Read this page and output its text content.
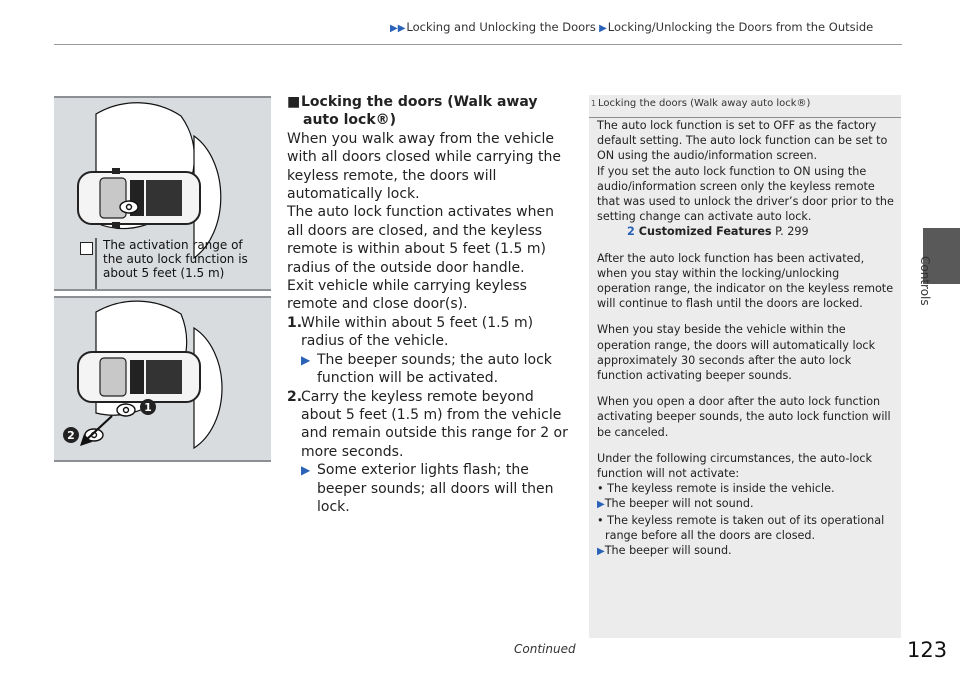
▶▶Locking and Unlocking the Doors ▶Locking/Unlocking the Doors from the Outside
Controls
The activation range of
the auto lock function is
about 5 feet (1.5 m)
1
2

■Locking the doors (Walk away auto lock®)

When you walk away from the vehicle with all doors closed while carrying the keyless remote, the doors will automatically lock.

The auto lock function activates when all doors are closed, and the keyless remote is within about 5 feet (1.5 m) radius of the outside door handle.

Exit vehicle while carrying keyless remote and close door(s).

1.
While within about 5 feet (1.5 m) radius of the vehicle.
▶ The beeper sounds; the auto lock function will be activated.
2.
Carry the keyless remote beyond about 5 feet (1.5 m) from the vehicle and remain outside this range for 2 or more seconds.
▶ Some exterior lights flash; the beeper sounds; all doors will then lock.
1 Locking the doors (Walk away auto lock®)
The auto lock function is set to OFF as the factory
default setting. The auto lock function can be set to
ON using the audio/information screen.
If you set the auto lock function to ON using the
audio/information screen only the keyless remote
that was used to unlock the driver’s door prior to the
setting change can activate auto lock.
2 Customized Features P. 299
After the auto lock function has been activated,
when you stay within the locking/unlocking
operation range, the indicator on the keyless remote
will continue to flash until the doors are locked.
When you stay beside the vehicle within the
operation range, the doors will automatically lock
approximately 30 seconds after the auto lock
function activating beeper sounds.
When you open a door after the auto lock function
activating beeper sounds, the auto lock function will
be canceled.
Under the following circumstances, the auto-lock
function will not activate:
• The keyless remote is inside the vehicle.
▶The beeper will not sound.
• The keyless remote is taken out of its operational
range before all the doors are closed.
▶The beeper will sound.
Continued	123
